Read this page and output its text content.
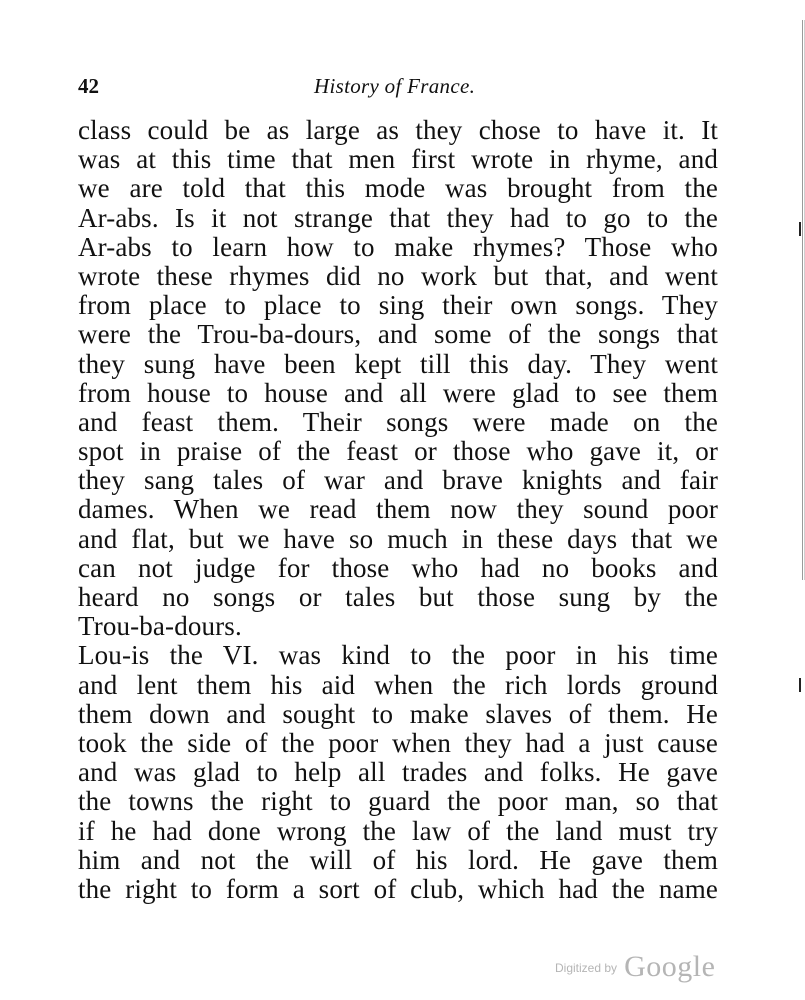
42	History of France.
class could be as large as they chose to have it. It
was at this time that men first wrote in rhyme, and
we are told that this mode was brought from the
Ar-abs. Is it not strange that they had to go to the
Ar-abs to learn how to make rhymes? Those who
wrote these rhymes did no work but that, and went
from place to place to sing their own songs. They
were the Trou-ba-dours, and some of the songs that
they sung have been kept till this day. They went
from house to house and all were glad to see them
and feast them. Their songs were made on the
spot in praise of the feast or those who gave it, or
they sang tales of war and brave knights and fair
dames. When we read them now they sound poor
and flat, but we have so much in these days that we
can not judge for those who had no books and
heard no songs or tales but those sung by the
Trou-ba-dours.
Lou-is the VI. was kind to the poor in his time
and lent them his aid when the rich lords ground
them down and sought to make slaves of them. He
took the side of the poor when they had a just cause
and was glad to help all trades and folks. He gave
the towns the right to guard the poor man, so that
if he had done wrong the law of the land must try
him and not the will of his lord. He gave them
the right to form a sort of club, which had the name
$^{Digitized by}$ Google
